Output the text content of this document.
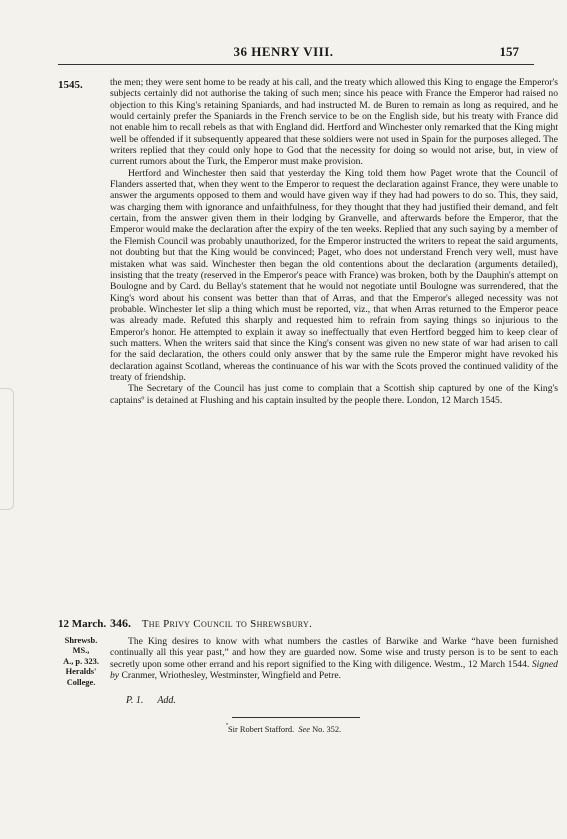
36 HENRY VIII.	157
1545.	the men; they were sent home to be ready at his call, and the treaty which allowed this King to engage the Emperor's subjects certainly did not authorise the taking of such men; since his peace with France the Emperor had raised no objection to this King's retaining Spaniards, and had instructed M. de Buren to remain as long as required, and he would certainly prefer the Spaniards in the French service to be on the English side, but his treaty with France did not enable him to recall rebels as that with England did. Hertford and Winchester only remarked that the King might well be offended if it subsequently appeared that these soldiers were not used in Spain for the purposes alleged. The writers replied that they could only hope to God that the necessity for doing so would not arise, but, in view of current rumors about the Turk, the Emperor must make provision.

Hertford and Winchester then said that yesterday the King told them how Paget wrote that the Council of Flanders asserted that, when they went to the Emperor to request the declaration against France, they were unable to answer the arguments opposed to them and would have given way if they had had powers to do so. This, they said, was charging them with ignorance and unfaithfulness, for they thought that they had justified their demand, and felt certain, from the answer given them in their lodging by Granvelle, and afterwards before the Emperor, that the Emperor would make the declaration after the expiry of the ten weeks. Replied that any such saying by a member of the Flemish Council was probably unauthorized, for the Emperor instructed the writers to repeat the said arguments, not doubting but that the King would be convinced; Paget, who does not understand French very well, must have mistaken what was said. Winchester then began the old contentions about the declaration (arguments detailed), insisting that the treaty (reserved in the Emperor's peace with France) was broken, both by the Dauphin's attempt on Boulogne and by Card. du Bellay's statement that he would not negotiate until Boulogne was surrendered, that the King's word about his consent was better than that of Arras, and that the Emperor's alleged necessity was not probable. Winchester let slip a thing which must be reported, viz., that when Arras returned to the Emperor peace was already made. Refuted this sharply and requested him to refrain from saying things so injurious to the Emperor's honor. He attempted to explain it away so ineffectually that even Hertford begged him to keep clear of such matters. When the writers said that since the King's consent was given no new state of war had arisen to call for the said declaration, the others could only answer that by the same rule the Emperor might have revoked his declaration against Scotland, whereas the continuance of his war with the Scots proved the continued validity of the treaty of friendship.

The Secretary of the Council has just come to complain that a Scottish ship captured by one of the King's captainsº is detained at Flushing and his captain insulted by the people there. London, 12 March 1545.

12 March. 346. The Privy Council to Shrewsbury.
Shrewsb. MS.,
A., p. 323.
Heralds'
College.

The King desires to know with what numbers the castles of Barwike and Warke “have been furnished continually all this year past,” and how they are guarded now. Some wise and trusty person is to be sent to each secretly upon some other errand and his report signified to the King with diligence. Westm., 12 March 1544. Signed by Cranmer, Wriothesley, Westminster, Wingfield and Petre.

P. 1. Add.
$^º$Sir Robert Stafford. See No. 352.
